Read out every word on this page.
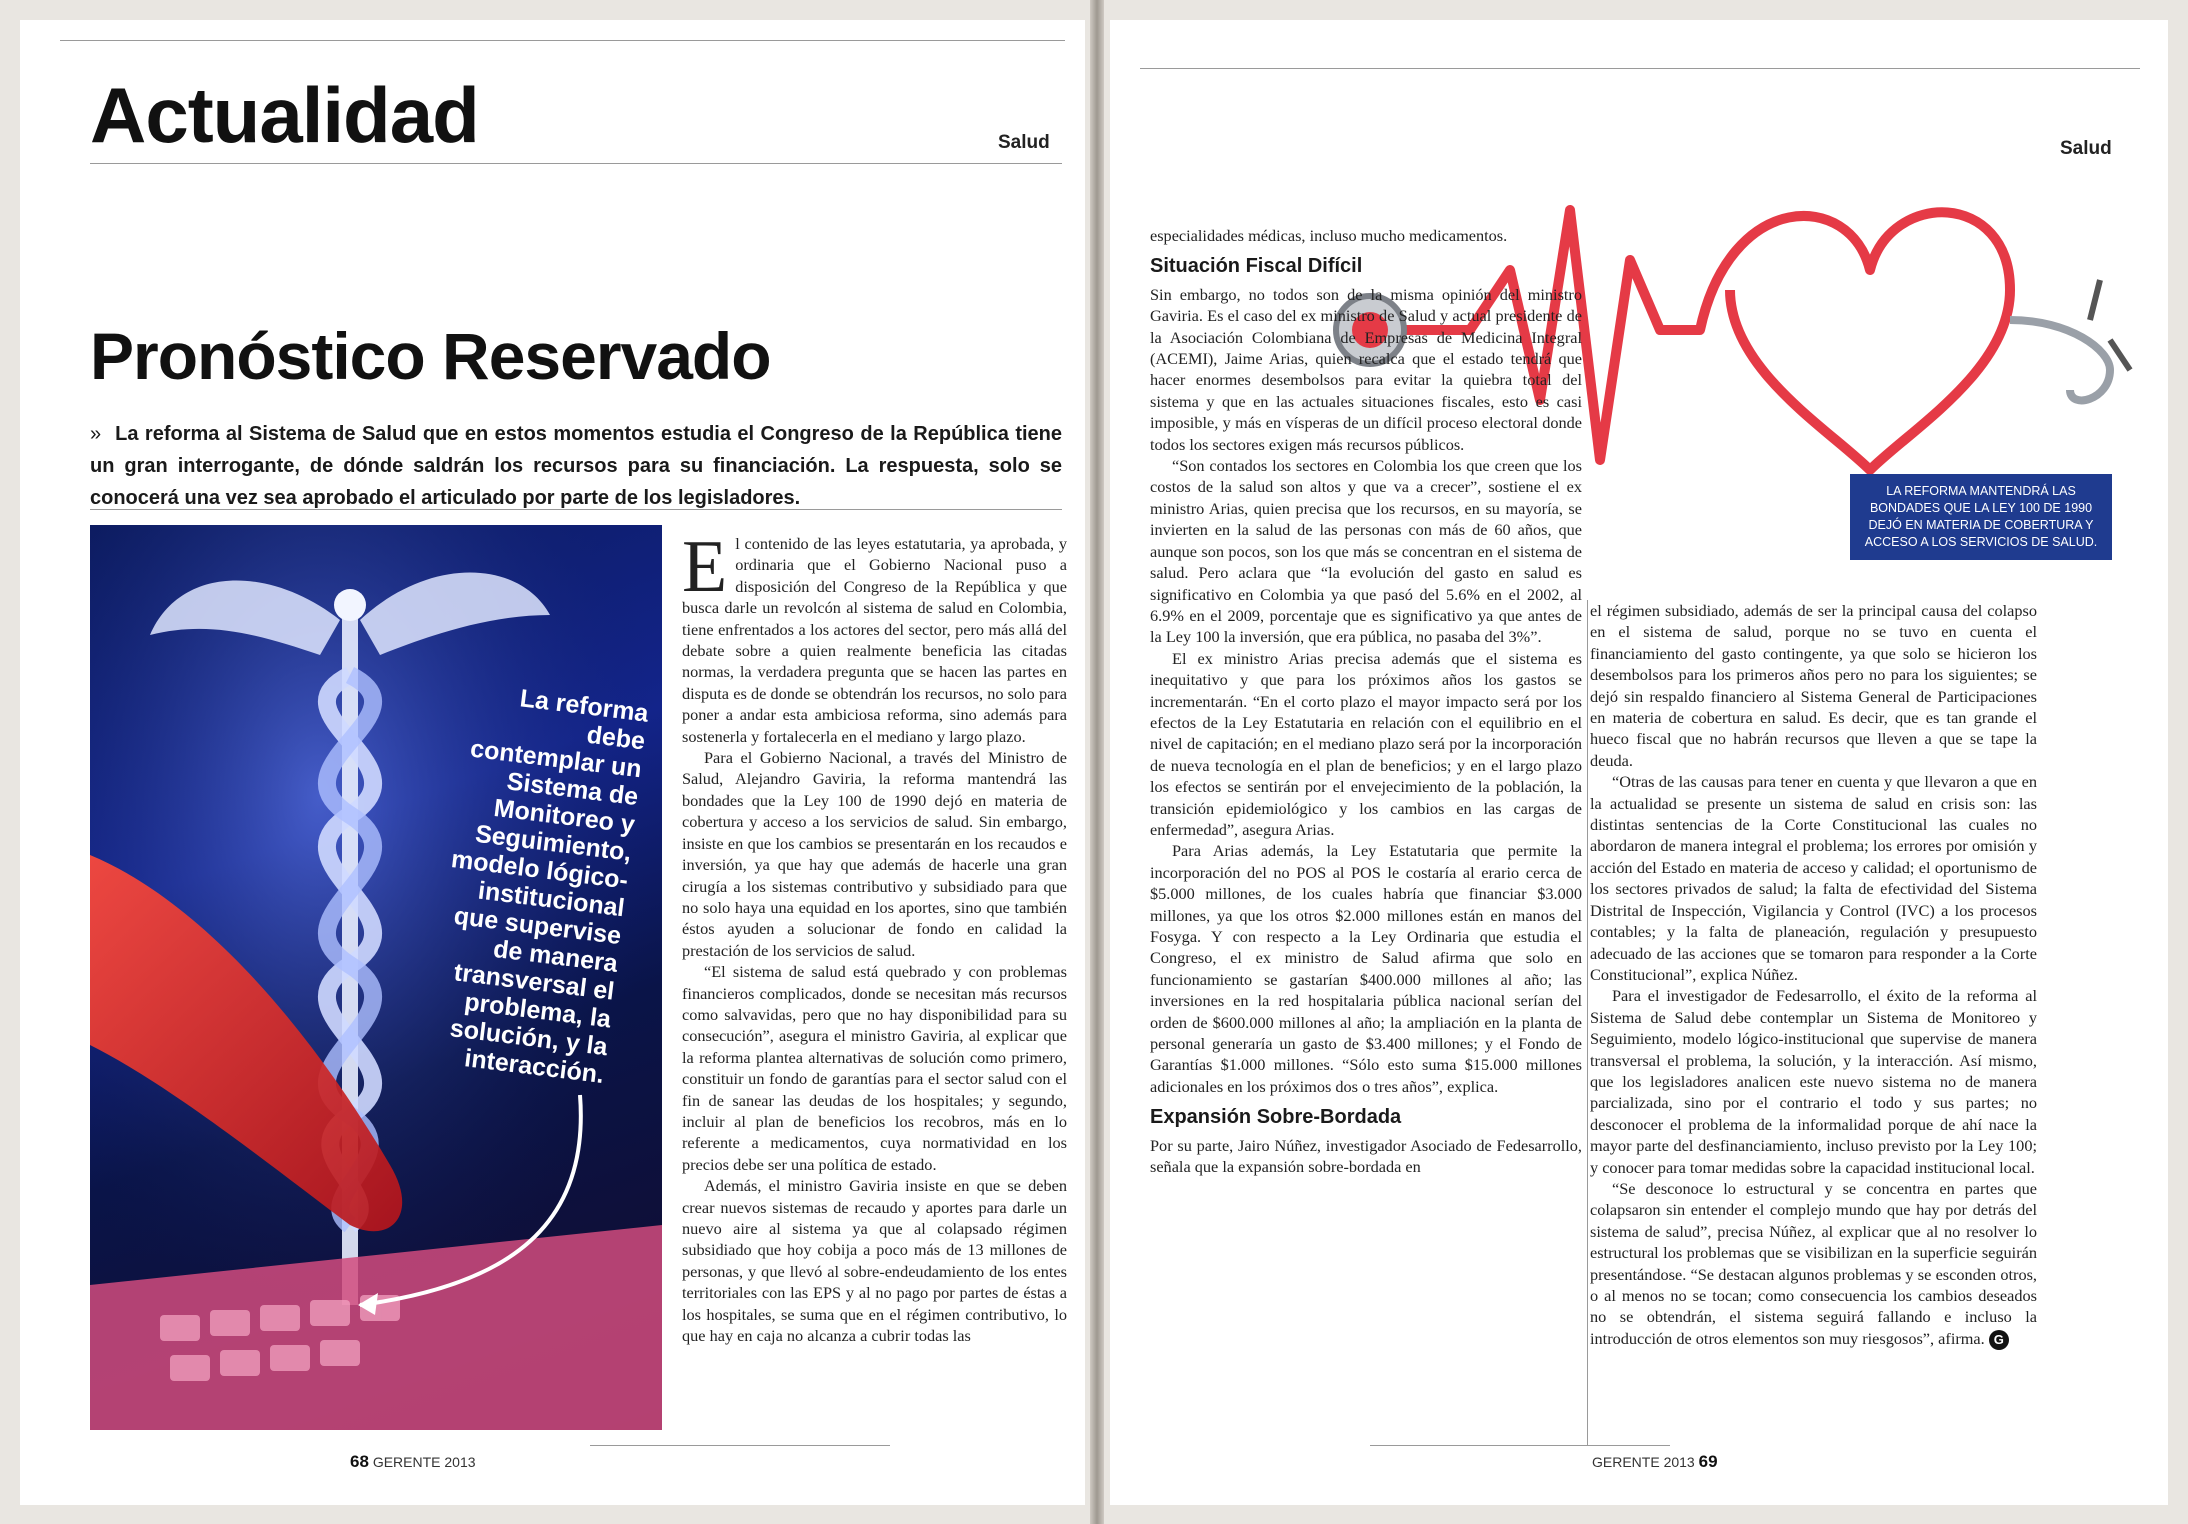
Actualidad	Salud
Pronóstico Reservado
» La reforma al Sistema de Salud que en estos momentos estudia el Congreso de la República tiene un gran interrogante, de dónde saldrán los recursos para su financiación. La respuesta, solo se conocerá una vez sea aprobado el articulado por parte de los legisladores.
La reforma debe contemplar un Sistema de Monitoreo y Seguimiento, modelo lógico-institucional que supervise de manera transversal el problema, la solución, y la interacción.

El contenido de las leyes estatutaria, ya aprobada, y ordinaria que el Gobierno Nacional puso a disposición del Congreso de la República y que busca darle un revolcón al sistema de salud en Colombia, tiene enfrentados a los actores del sector, pero más allá del debate sobre a quien realmente beneficia las citadas normas, la verdadera pregunta que se hacen las partes en disputa es de donde se obtendrán los recursos, no solo para poner a andar esta ambiciosa reforma, sino además para sostenerla y fortalecerla en el mediano y largo plazo.

Para el Gobierno Nacional, a través del Ministro de Salud, Alejandro Gaviria, la reforma mantendrá las bondades que la Ley 100 de 1990 dejó en materia de cobertura y acceso a los servicios de salud. Sin embargo, insiste en que los cambios se presentarán en los recaudos e inversión, ya que hay que además de hacerle una gran cirugía a los sistemas contributivo y subsidiado para que no solo haya una equidad en los aportes, sino que también éstos ayuden a solucionar de fondo en calidad la prestación de los servicios de salud.

“El sistema de salud está quebrado y con problemas financieros complicados, donde se necesitan más recursos como salvavidas, pero que no hay disponibilidad para su consecución”, asegura el ministro Gaviria, al explicar que la reforma plantea alternativas de solución como primero, constituir un fondo de garantías para el sector salud con el fin de sanear las deudas de los hospitales; y segundo, incluir al plan de beneficios los recobros, más en lo referente a medicamentos, cuya normatividad en los precios debe ser una política de estado.

Además, el ministro Gaviria insiste en que se deben crear nuevos sistemas de recaudo y aportes para darle un nuevo aire al sistema ya que al colapsado régimen subsidiado que hoy cobija a poco más de 13 millones de personas, y que llevó al sobre-endeudamiento de los entes territoriales con las EPS y al no pago por partes de éstas a los hospitales, se suma que en el régimen contributivo, lo que hay en caja no alcanza a cubrir todas las

68 GERENTE 2013
Salud
LA REFORMA MANTENDRÁ LAS BONDADES QUE LA LEY 100 DE 1990 DEJÓ EN MATERIA DE COBERTURA Y ACCESO A LOS SERVICIOS DE SALUD.

especialidades médicas, incluso mucho medicamentos.

Situación Fiscal Difícil

Sin embargo, no todos son de la misma opinión del ministro Gaviria. Es el caso del ex ministro de Salud y actual presidente de la Asociación Colombiana de Empresas de Medicina Integral (ACEMI), Jaime Arias, quien recalca que el estado tendrá que hacer enormes desembolsos para evitar la quiebra total del sistema y que en las actuales situaciones fiscales, esto es casi imposible, y más en vísperas de un difícil proceso electoral donde todos los sectores exigen más recursos públicos.

“Son contados los sectores en Colombia los que creen que los costos de la salud son altos y que va a crecer”, sostiene el ex ministro Arias, quien precisa que los recursos, en su mayoría, se invierten en la salud de las personas con más de 60 años, que aunque son pocos, son los que más se concentran en el sistema de salud. Pero aclara que “la evolución del gasto en salud es significativo en Colombia ya que pasó del 5.6% en el 2002, al 6.9% en el 2009, porcentaje que es significativo ya que antes de la Ley 100 la inversión, que era pública, no pasaba del 3%”.

El ex ministro Arias precisa además que el sistema es inequitativo y que para los próximos años los gastos se incrementarán. “En el corto plazo el mayor impacto será por los efectos de la Ley Estatutaria en relación con el equilibrio en el nivel de capitación; en el mediano plazo será por la incorporación de nueva tecnología en el plan de beneficios; y en el largo plazo los efectos se sentirán por el envejecimiento de la población, la transición epidemiológico y los cambios en las cargas de enfermedad”, asegura Arias.

Para Arias además, la Ley Estatutaria que permite la incorporación del no POS al POS le costaría al erario cerca de $5.000 millones, de los cuales habría que financiar $3.000 millones, ya que los otros $2.000 millones están en manos del Fosyga. Y con respecto a la Ley Ordinaria que estudia el Congreso, el ex ministro de Salud afirma que solo en funcionamiento se gastarían $400.000 millones al año; las inversiones en la red hospitalaria pública nacional serían del orden de $600.000 millones al año; la ampliación en la planta de personal generaría un gasto de $3.400 millones; y el Fondo de Garantías $1.000 millones. “Sólo esto suma $15.000 millones adicionales en los próximos dos o tres años”, explica.

Expansión Sobre-Bordada

Por su parte, Jairo Núñez, investigador Asociado de Fedesarrollo, señala que la expansión sobre-bordada en

el régimen subsidiado, además de ser la principal causa del colapso en el sistema de salud, porque no se tuvo en cuenta el financiamiento del gasto contingente, ya que solo se hicieron los desembolsos para los primeros años pero no para los siguientes; se dejó sin respaldo financiero al Sistema General de Participaciones en materia de cobertura en salud. Es decir, que es tan grande el hueco fiscal que no habrán recursos que lleven a que se tape la deuda.

“Otras de las causas para tener en cuenta y que llevaron a que en la actualidad se presente un sistema de salud en crisis son: las distintas sentencias de la Corte Constitucional las cuales no abordaron de manera integral el problema; los errores por omisión y acción del Estado en materia de acceso y calidad; el oportunismo de los sectores privados de salud; la falta de efectividad del Sistema Distrital de Inspección, Vigilancia y Control (IVC) a los procesos contables; y la falta de planeación, regulación y presupuesto adecuado de las acciones que se tomaron para responder a la Corte Constitucional”, explica Núñez.

Para el investigador de Fedesarrollo, el éxito de la reforma al Sistema de Salud debe contemplar un Sistema de Monitoreo y Seguimiento, modelo lógico-institucional que supervise de manera transversal el problema, la solución, y la interacción. Así mismo, que los legisladores analicen este nuevo sistema no de manera parcializada, sino por el contrario el todo y sus partes; no desconocer el problema de la informalidad porque de ahí nace la mayor parte del desfinanciamiento, incluso previsto por la Ley 100; y conocer para tomar medidas sobre la capacidad institucional local.

“Se desconoce lo estructural y se concentra en partes que colapsaron sin entender el complejo mundo que hay por detrás del sistema de salud”, precisa Núñez, al explicar que al no resolver lo estructural los problemas que se visibilizan en la superficie seguirán presentándose. “Se destacan algunos problemas y se esconden otros, o al menos no se tocan; como consecuencia los cambios deseados no se obtendrán, el sistema seguirá fallando e incluso la introducción de otros elementos son muy riesgosos”, afirma. G

GERENTE 2013 69
